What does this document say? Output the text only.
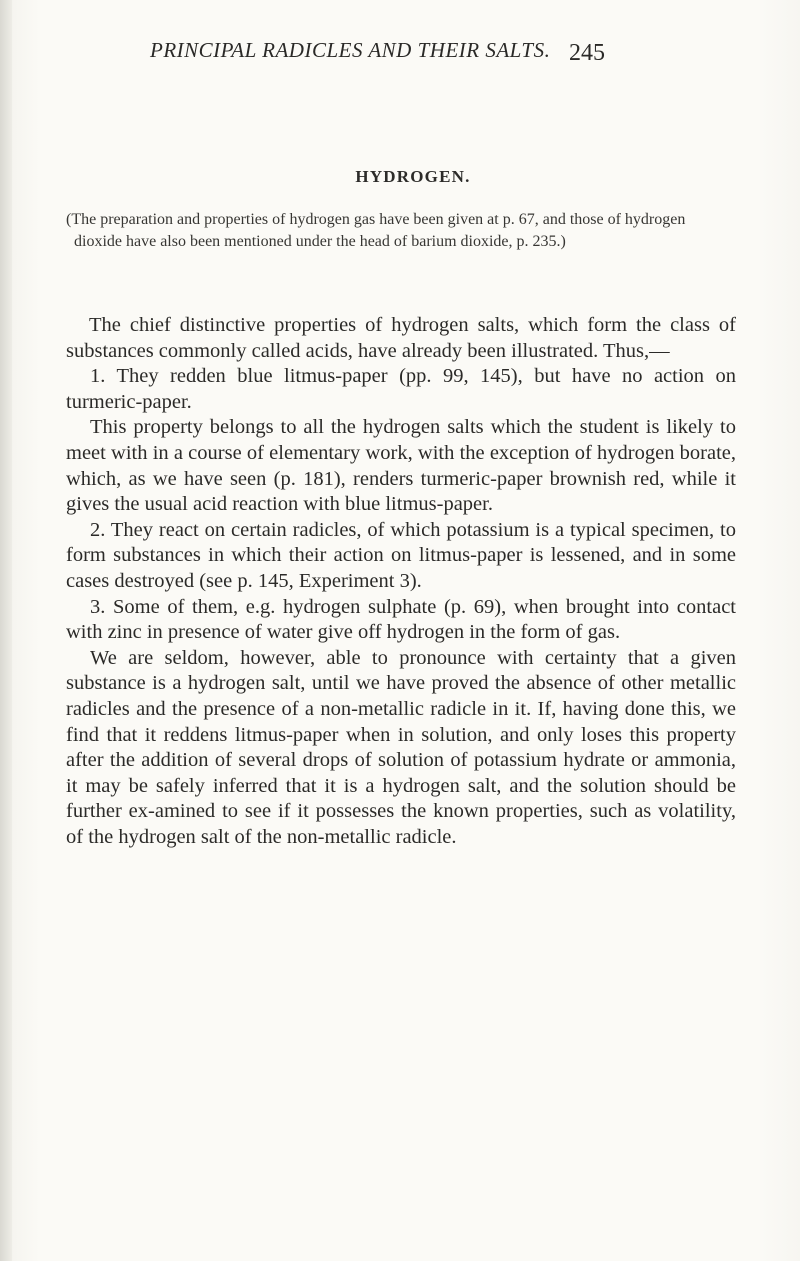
PRINCIPAL RADICLES AND THEIR SALTS. 245
HYDROGEN.

(The preparation and properties of hydrogen gas have been given at p. 67, and those of hydrogen dioxide have also been mentioned under the head of barium dioxide, p. 235.)

The chief distinctive properties of hydrogen salts, which form the class of substances commonly called acids, have already been illustrated. Thus,—

1. They redden blue litmus-paper (pp. 99, 145), but have no action on turmeric-paper.

This property belongs to all the hydrogen salts which the student is likely to meet with in a course of elementary work, with the exception of hydrogen borate, which, as we have seen (p. 181), renders turmeric-paper brownish red, while it gives the usual acid reaction with blue litmus-paper.

2. They react on certain radicles, of which potassium is a typical specimen, to form substances in which their action on litmus-paper is lessened, and in some cases destroyed (see p. 145, Experiment 3).

3. Some of them, e.g. hydrogen sulphate (p. 69), when brought into contact with zinc in presence of water give off hydrogen in the form of gas.

We are seldom, however, able to pronounce with certainty that a given substance is a hydrogen salt, until we have proved the absence of other metallic radicles and the presence of a non-metallic radicle in it. If, having done this, we find that it reddens litmus-paper when in solution, and only loses this property after the addition of several drops of solution of potassium hydrate or ammonia, it may be safely inferred that it is a hydrogen salt, and the solution should be further ex-amined to see if it possesses the known properties, such as volatility, of the hydrogen salt of the non-metallic radicle.
